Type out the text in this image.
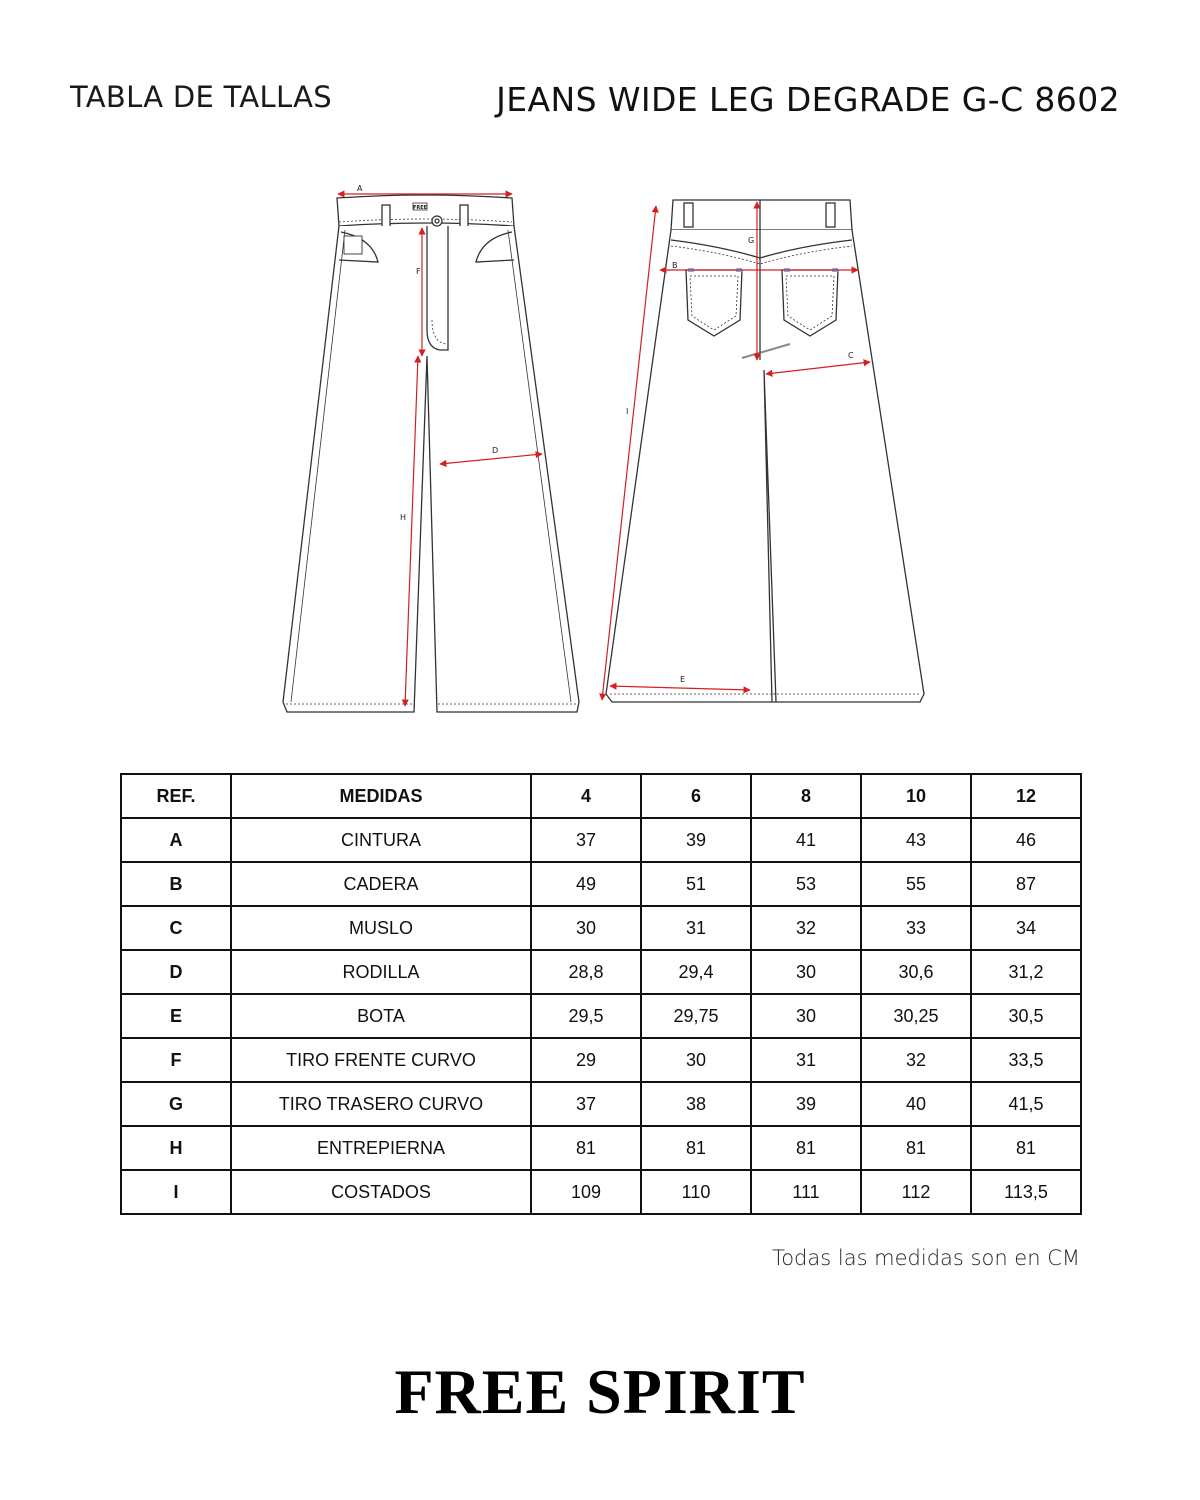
TABLA DE TALLAS	JEANS WIDE LEG DEGRADE G-C 8602
FREE
A
F
D
H
B
G
C
I
E
REF.	MEDIDAS	4	6	8	10	12
A	CINTURA	37	39	41	43	46
B	CADERA	49	51	53	55	87
C	MUSLO	30	31	32	33	34
D	RODILLA	28,8	29,4	30	30,6	31,2
E	BOTA	29,5	29,75	30	30,25	30,5
F	TIRO FRENTE CURVO	29	30	31	32	33,5
G	TIRO TRASERO CURVO	37	38	39	40	41,5
H	ENTREPIERNA	81	81	81	81	81
I	COSTADOS	109	110	111	112	113,5
Todas las medidas son en CM
FREE SPIRIT
